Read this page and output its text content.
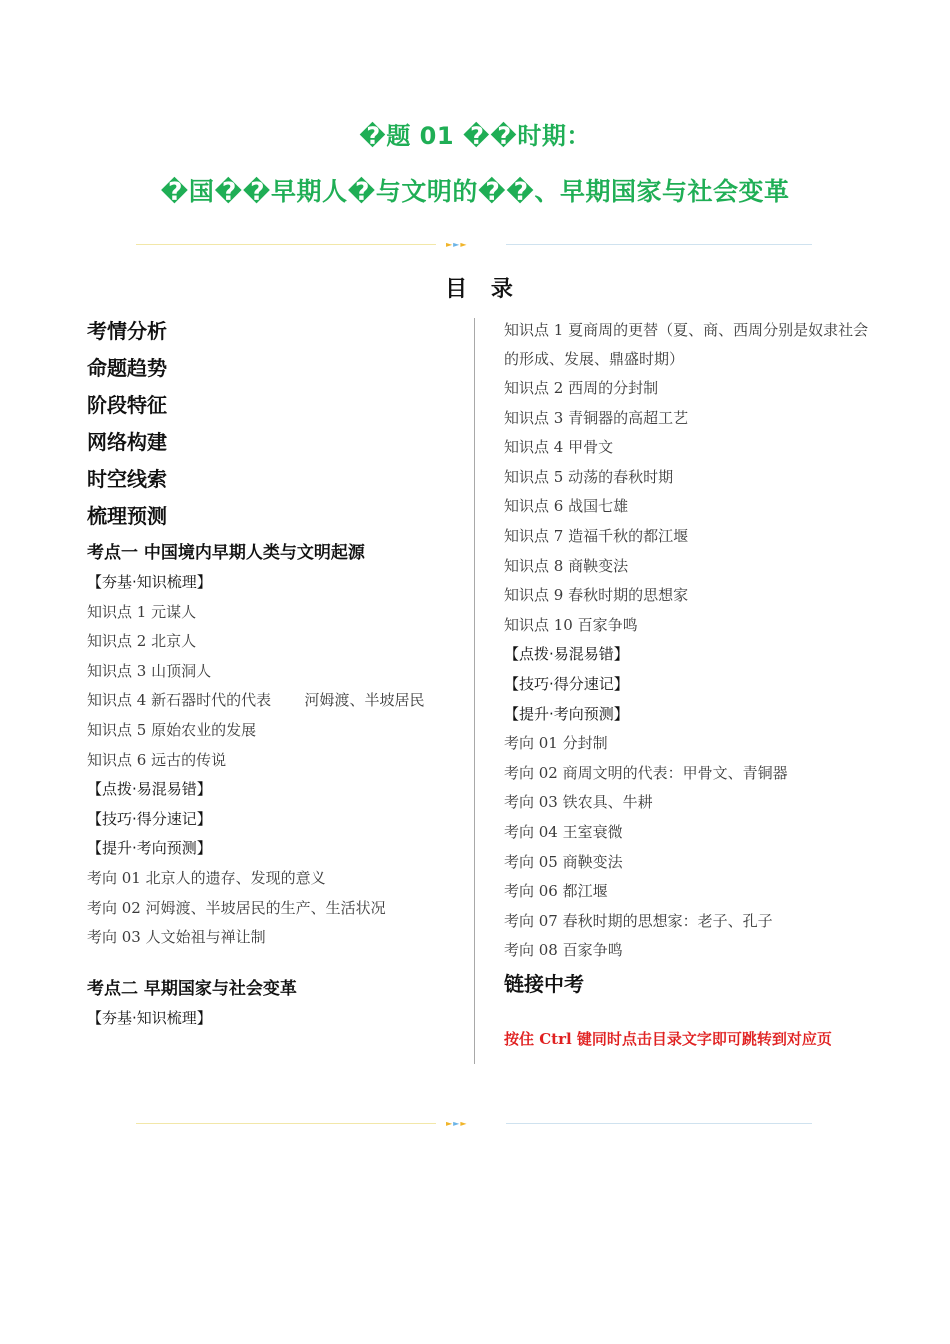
�题 01 ��时期：
�国��早期人�与文明的��、早期国家与社会变革
►►►
目 录
考情分析
命题趋势
阶段特征
网络构建
时空线索
梳理预测
考点一 中国境内早期人类与文明起源
【夯基·知识梳理】
知识点 1 元谋人
知识点 2 北京人
知识点 3 山顶洞人
知识点 4 新石器时代的代表       河姆渡、半坡居民
知识点 5 原始农业的发展
知识点 6 远古的传说
【点拨·易混易错】
【技巧·得分速记】
【提升·考向预测】
考向 01 北京人的遗存、发现的意义
考向 02 河姆渡、半坡居民的生产、生活状况
考向 03 人文始祖与禅让制
考点二 早期国家与社会变革
【夯基·知识梳理】
知识点 1 夏商周的更替（夏、商、西周分别是奴隶社会的形成、发展、鼎盛时期）
知识点 2 西周的分封制
知识点 3 青铜器的高超工艺
知识点 4 甲骨文
知识点 5 动荡的春秋时期
知识点 6 战国七雄
知识点 7 造福千秋的都江堰
知识点 8 商鞅变法
知识点 9 春秋时期的思想家
知识点 10 百家争鸣
【点拨·易混易错】
【技巧·得分速记】
【提升·考向预测】
考向 01 分封制
考向 02 商周文明的代表：甲骨文、青铜器
考向 03 铁农具、牛耕
考向 04 王室衰微
考向 05 商鞅变法
考向 06 都江堰
考向 07 春秋时期的思想家：老子、孔子
考向 08 百家争鸣
链接中考
按住 Ctrl 键同时点击目录文字即可跳转到对应页
►►►
